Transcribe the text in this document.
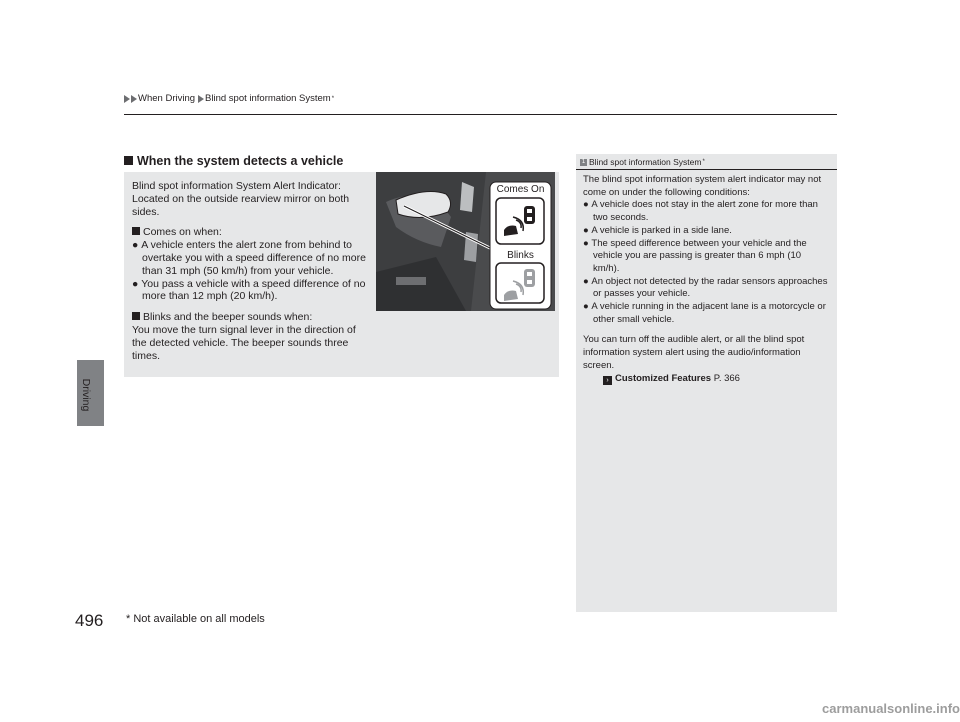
When Driving Blind spot information System *
Driving
When the system detects a vehicle

Blind spot information System Alert Indicator:

Located on the outside rearview mirror on both sides.

Comes on when:

● A vehicle enters the alert zone from behind to overtake you with a speed difference of no more than 31 mph (50 km/h) from your vehicle.

● You pass a vehicle with a speed difference of no more than 12 mph (20 km/h).

Blinks and the beeper sounds when:

You move the turn signal lever in the direction of the detected vehicle. The beeper sounds three times.

Comes On
Blinks
1 Blind spot information System *

The blind spot information system alert indicator may not come on under the following conditions:

● A vehicle does not stay in the alert zone for more than two seconds.

● A vehicle is parked in a side lane.

● The speed difference between your vehicle and the vehicle you are passing is greater than 6 mph (10 km/h).

● An object not detected by the radar sensors approaches or passes your vehicle.

● A vehicle running in the adjacent lane is a motorcycle or other small vehicle.

You can turn off the audible alert, or all the blind spot information system alert using the audio/information screen.

› Customized Features P. 366

496 * Not available on all models
carmanualsonline.info
